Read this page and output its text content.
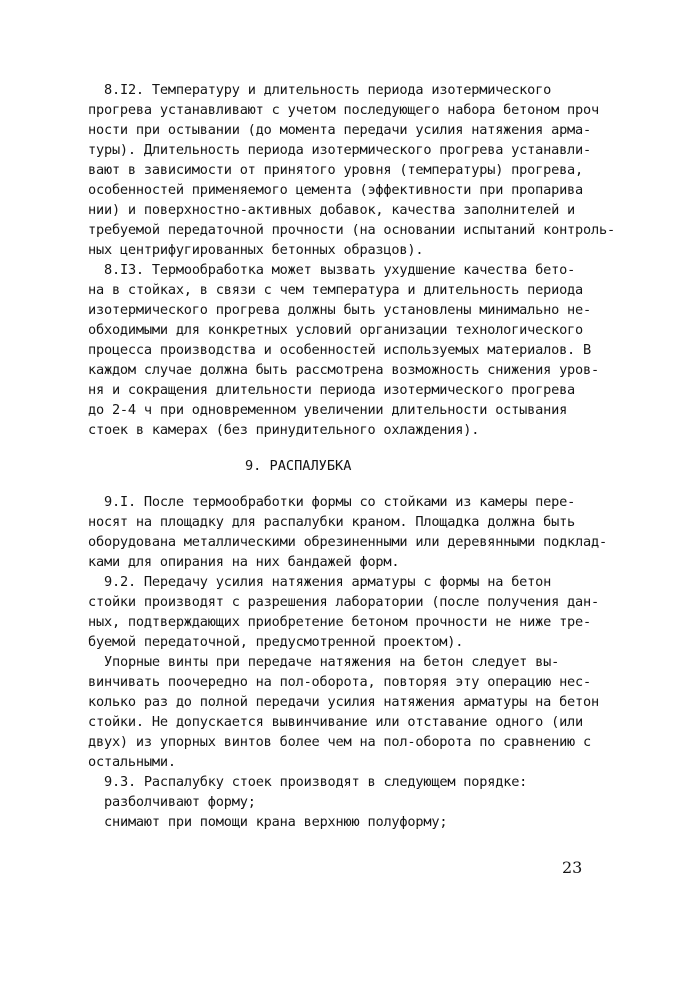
8.I2. Температуру и длительность периода изотермического
прогрева устанавливают с учетом последующего набора бетоном проч
ности при остывании (до момента передачи усилия натяжения арма-
туры). Длительность периода изотермического прогрева устанавли-
вают в зависимости от принятого уровня (температуры) прогрева,
особенностей применяемого цемента (эффективности при пропарива
нии) и поверхностно-активных добавок, качества заполнителей и
требуемой передаточной прочности (на основании испытаний контроль-
ных центрифугированных бетонных образцов).
8.I3. Термообработка может вызвать ухудшение качества бето-
на в стойках, в связи с чем температура и длительность периода
изотермического прогрева должны быть установлены минимально не-
обходимыми для конкретных условий организации технологического
процесса производства и особенностей используемых материалов. В
каждом случае должна быть рассмотрена возможность снижения уров-
ня и сокращения длительности периода изотермического прогрева
до 2-4 ч при одновременном увеличении длительности остывания
стоек в камерах (без принудительного охлаждения).
9. РАСПАЛУБКА
9.I. После термообработки формы со стойками из камеры пере-
носят на площадку для распалубки краном. Площадка должна быть
оборудована металлическими обрезиненными или деревянными подклад-
ками для опирания на них бандажей форм.
9.2. Передачу усилия натяжения арматуры с формы на бетон
стойки производят с разрешения лаборатории (после получения дан-
ных, подтверждающих приобретение бетоном прочности не ниже тре-
буемой передаточной, предусмотренной проектом).
Упорные винты при передаче натяжения на бетон следует вы-
винчивать поочередно на пол-оборота, повторяя эту операцию нес-
колько раз до полной передачи усилия натяжения арматуры на бетон
стойки. Не допускается вывинчивание или отставание одного (или
двух) из упорных винтов более чем на пол-оборота по сравнению с
остальными.
9.3. Распалубку стоек производят в следующем порядке:
разболчивают форму;
снимают при помощи крана верхнюю полуформу;
23
